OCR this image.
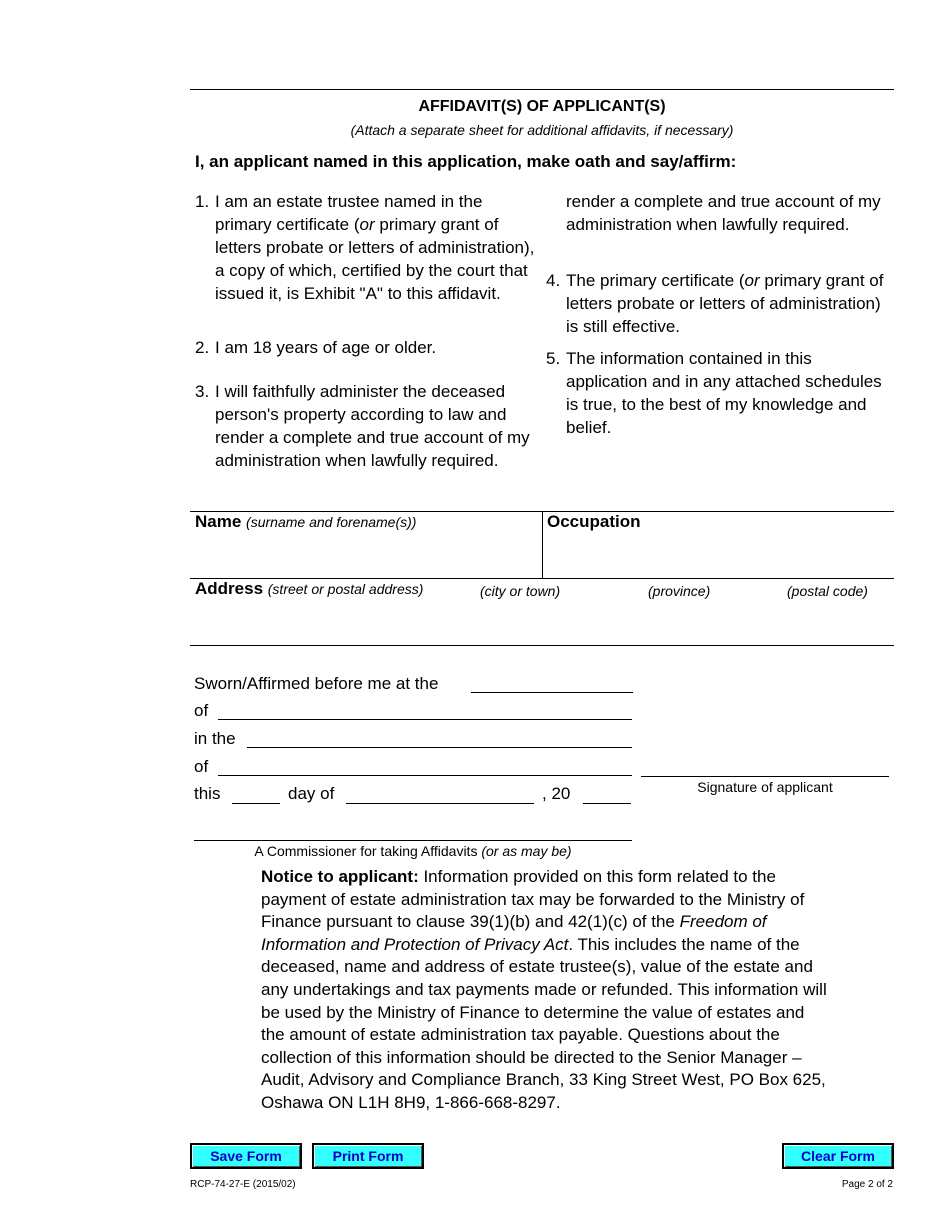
AFFIDAVIT(S) OF APPLICANT(S)
(Attach a separate sheet for additional affidavits, if necessary)
I, an applicant named in this application, make oath and say/affirm:
1. I am an estate trustee named in the primary certificate (or primary grant of letters probate or letters of administration), a copy of which, certified by the court that issued it, is Exhibit "A" to this affidavit.
2. I am 18 years of age or older.
3. I will faithfully administer the deceased person's property according to law and render a complete and true account of my administration when lawfully required.
render a complete and true account of my administration when lawfully required.
4. The primary certificate (or primary grant of letters probate or letters of administration) is still effective.
5. The information contained in this application and in any attached schedules is true, to the best of my knowledge and belief.
Name (surname and forename(s))	Occupation
Address (street or postal address)	(city or town)	(province)	(postal code)
Sworn/Affirmed before me at the
of
in the
of
this	day of	, 20	Signature of applicant
A Commissioner for taking Affidavits (or as may be)
Notice to applicant: Information provided on this form related to the payment of estate administration tax may be forwarded to the Ministry of Finance pursuant to clause 39(1)(b) and 42(1)(c) of the Freedom of Information and Protection of Privacy Act. This includes the name of the deceased, name and address of estate trustee(s), value of the estate and any undertakings and tax payments made or refunded. This information will be used by the Ministry of Finance to determine the value of estates and the amount of estate administration tax payable. Questions about the collection of this information should be directed to the Senior Manager – Audit, Advisory and Compliance Branch, 33 King Street West, PO Box 625, Oshawa ON L1H 8H9, 1-866-668-8297.
Save Form	Print Form	Clear Form
RCP-74-27-E (2015/02)	Page 2 of 2
